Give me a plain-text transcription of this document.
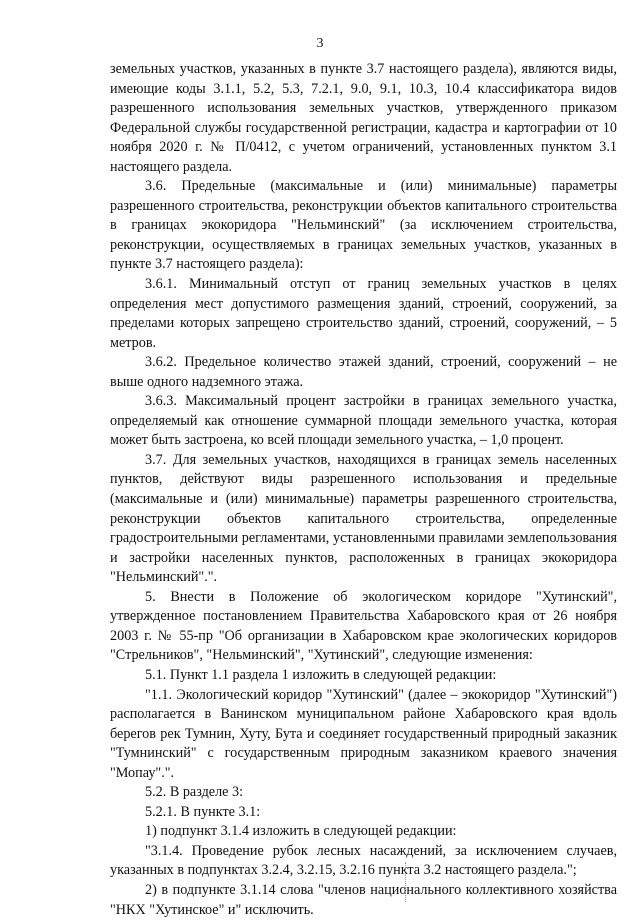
3

земельных участков, указанных в пункте 3.7 настоящего раздела), являются виды, имеющие коды 3.1.1, 5.2, 5.3, 7.2.1, 9.0, 9.1, 10.3, 10.4 классификатора видов разрешенного использования земельных участков, утвержденного приказом Федеральной службы государственной регистрации, кадастра и картографии от 10 ноября 2020 г. № П/0412, с учетом ограничений, установленных пунктом 3.1 настоящего раздела.

3.6. Предельные (максимальные и (или) минимальные) параметры разрешенного строительства, реконструкции объектов капитального строительства в границах экокоридора "Нельминский" (за исключением строительства, реконструкции, осуществляемых в границах земельных участков, указанных в пункте 3.7 настоящего раздела):

3.6.1. Минимальный отступ от границ земельных участков в целях определения мест допустимого размещения зданий, строений, сооружений, за пределами которых запрещено строительство зданий, строений, сооружений, – 5 метров.

3.6.2. Предельное количество этажей зданий, строений, сооружений – не выше одного надземного этажа.

3.6.3. Максимальный процент застройки в границах земельного участка, определяемый как отношение суммарной площади земельного участка, которая может быть застроена, ко всей площади земельного участка, – 1,0 процент.

3.7. Для земельных участков, находящихся в границах земель населенных пунктов, действуют виды разрешенного использования и предельные (максимальные и (или) минимальные) параметры разрешенного строительства, реконструкции объектов капитального строительства, определенные градостроительными регламентами, установленными правилами землепользования и застройки населенных пунктов, расположенных в границах экокоридора "Нельминский".".

5. Внести в Положение об экологическом коридоре "Хутинский", утвержденное постановлением Правительства Хабаровского края от 26 ноября 2003 г. № 55-пр "Об организации в Хабаровском крае экологических коридоров "Стрельников", "Нельминский", "Хутинский", следующие изменения:

5.1. Пункт 1.1 раздела 1 изложить в следующей редакции:

"1.1. Экологический коридор "Хутинский" (далее – экокоридор "Хутинский") располагается в Ванинском муниципальном районе Хабаровского края вдоль берегов рек Тумнин, Хуту, Бута и соединяет государственный природный заказник "Тумнинский" с государственным природным заказником краевого значения "Мопау".".

5.2. В разделе 3:

5.2.1. В пункте 3.1:

1) подпункт 3.1.4 изложить в следующей редакции:

"3.1.4. Проведение рубок лесных насаждений, за исключением случаев, указанных в подпунктах 3.2.4, 3.2.15, 3.2.16 пункта 3.2 настоящего раздела.";

2) в подпункте 3.1.14 слова "членов национального коллективного хозяйства "НКХ "Хутинское" и" исключить.
